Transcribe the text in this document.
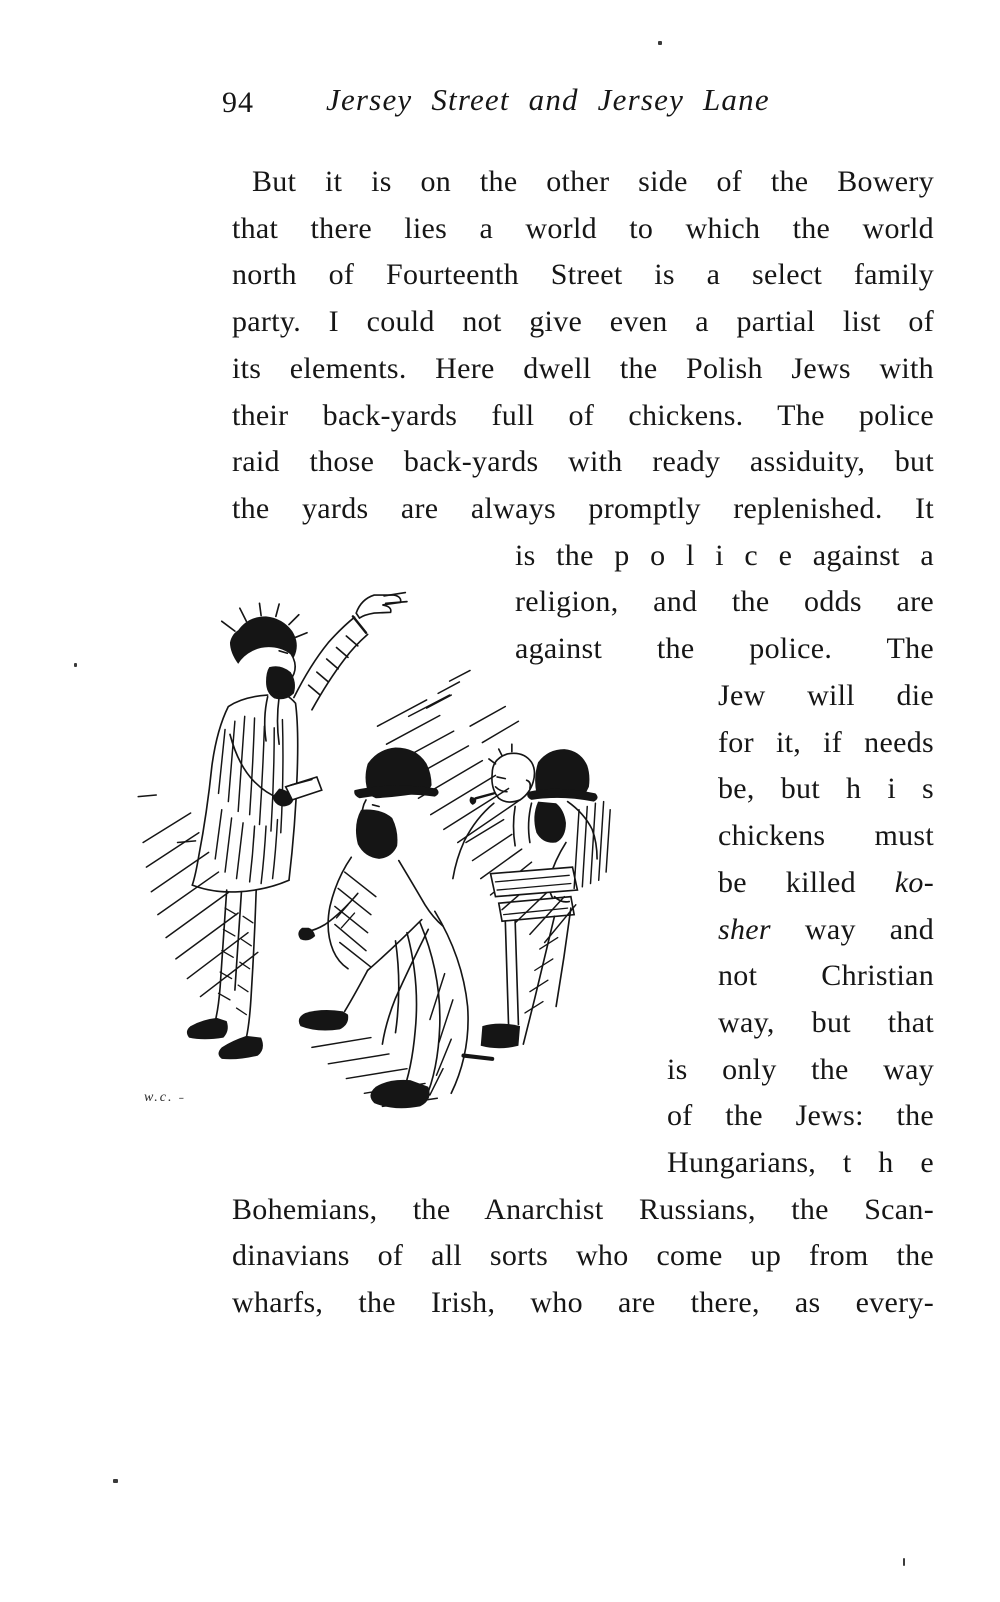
94 Jersey Street and Jersey Lane
But it is on the other side of the Bowery
that there lies a world to which the world
north of Fourteenth Street is a select family
party. I could not give even a partial list of
its elements. Here dwell the Polish Jews with
their back-yards full of chickens. The police
raid those back-yards with ready assiduity, but
the yards are always promptly replenished. It
is the p o l i c e against a
religion, and the odds are
against the police. The
Jew will die
for it, if needs
be, but h i s
chickens must
be killed ko-
sher way and
not Christian
way, but that
is only the way
of the Jews: the
Hungarians, t h e
Bohemians, the Anarchist Russians, the Scan-
dinavians of all sorts who come up from the
wharfs, the Irish, who are there, as every-
w.c. ˗
